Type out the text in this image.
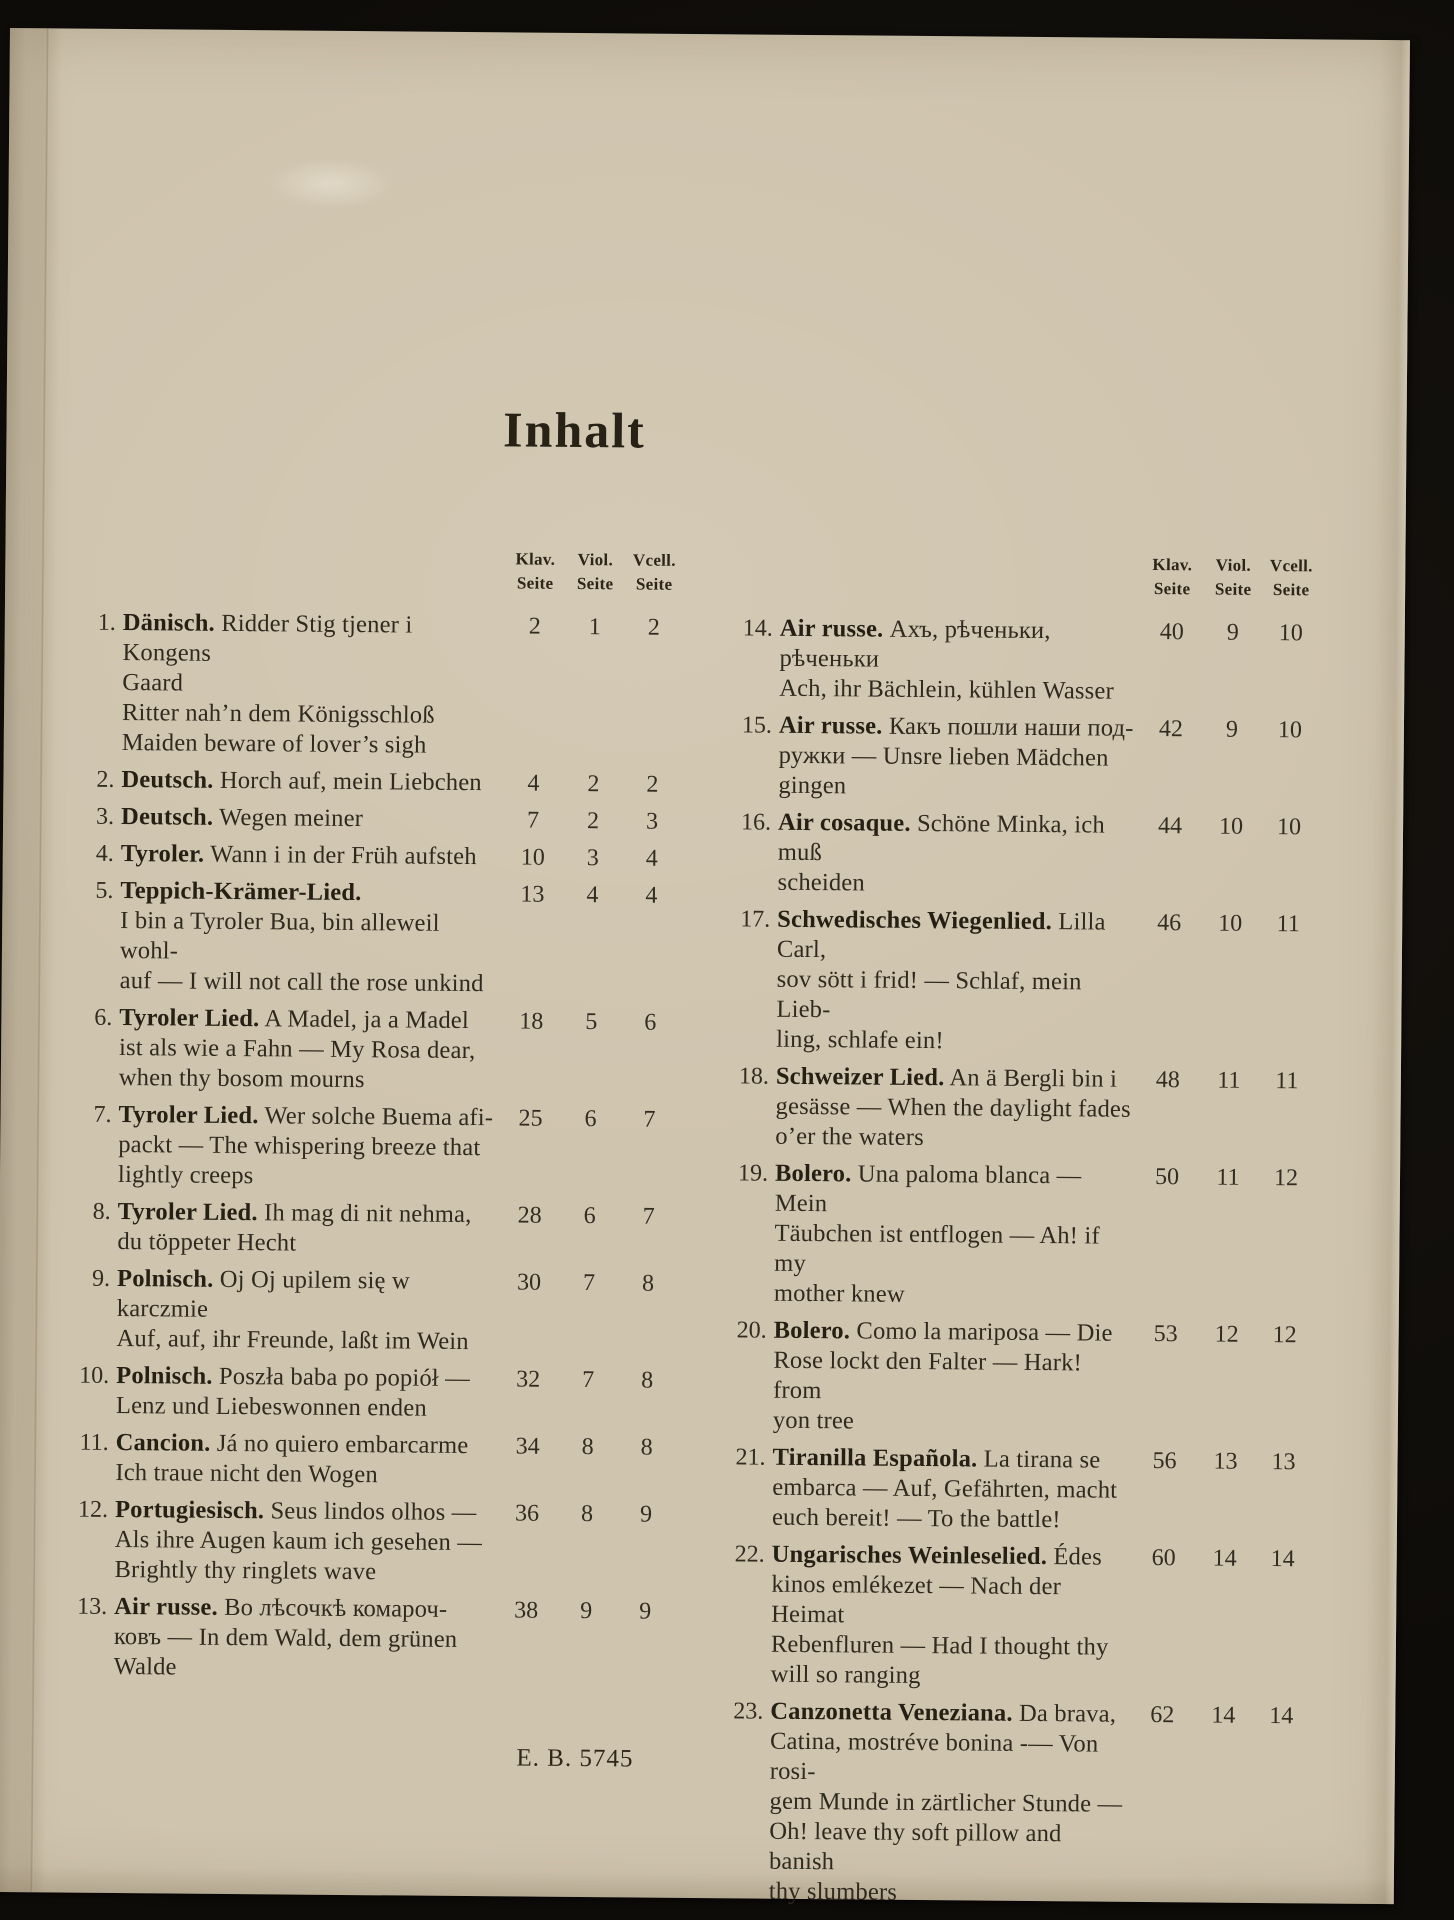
Inhalt
Klav.
Seite
Viol.
Seite
Vcell.
Seite
1. Dänisch. Ridder Stig tjener i Kongens
Gaard
Ritter nah’n dem Königsschloß
Maiden beware of lover’s sigh
2	1	2
2. Deutsch. Horch auf, mein Liebchen	4	2	2
3. Deutsch. Wegen meiner	7	2	3
4. Tyroler. Wann i in der Früh aufsteh	10	3	4
5. Teppich-Krämer-Lied.
I bin a Tyroler Bua, bin alleweil wohl-
auf — I will not call the rose unkind
13	4	4
6. Tyroler Lied. A Madel, ja a Madel
ist als wie a Fahn — My Rosa dear,
when thy bosom mourns
18	5	6
7. Tyroler Lied. Wer solche Buema afi-
packt — The whispering breeze that
lightly creeps
25	6	7
8. Tyroler Lied. Ih mag di nit nehma,
du töppeter Hecht
28	6	7
9. Polnisch. Oj Oj upilem się w karczmie
Auf, auf, ihr Freunde, laßt im Wein
30	7	8
10. Polnisch. Poszła baba po popiół —
Lenz und Liebeswonnen enden
32	7	8
11. Cancion. Já no quiero embarcarme
Ich traue nicht den Wogen
34	8	8
12. Portugiesisch. Seus lindos olhos —
Als ihre Augen kaum ich gesehen —
Brightly thy ringlets wave
36	8	9
13. Air russe. Во лѣсочкѣ комароч-
ковъ — In dem Wald, dem grünen
Walde
38	9	9
Klav.
Seite
Viol.
Seite
Vcell.
Seite
14. Air russe. Ахъ, рѣченьки, рѣченьки
Ach, ihr Bächlein, kühlen Wasser
40	9	10
15. Air russe. Какъ пошли наши под-
ружки — Unsre lieben Mädchen
gingen
42	9	10
16. Air cosaque. Schöne Minka, ich muß
scheiden
44	10	10
17. Schwedisches Wiegenlied. Lilla Carl,
sov sött i frid! — Schlaf, mein Lieb-
ling, schlafe ein!
46	10	11
18. Schweizer Lied. An ä Bergli bin i
gesässe — When the daylight fades
o’er the waters
48	11	11
19. Bolero. Una paloma blanca — Mein
Täubchen ist entflogen — Ah! if my
mother knew
50	11	12
20. Bolero. Como la mariposa — Die
Rose lockt den Falter — Hark! from
yon tree
53	12	12
21. Tiranilla Española. La tirana se
embarca — Auf, Gefährten, macht
euch bereit! — To the battle!
56	13	13
22. Ungarisches Weinleselied. Édes
kinos emlékezet — Nach der Heimat
Rebenfluren — Had I thought thy
will so ranging
60	14	14
23. Canzonetta Veneziana. Da brava,
Catina, mostréve bonina -— Von rosi-
gem Munde in zärtlicher Stunde —
Oh! leave thy soft pillow and banish
thy slumbers
62	14	14
E. B. 5745
